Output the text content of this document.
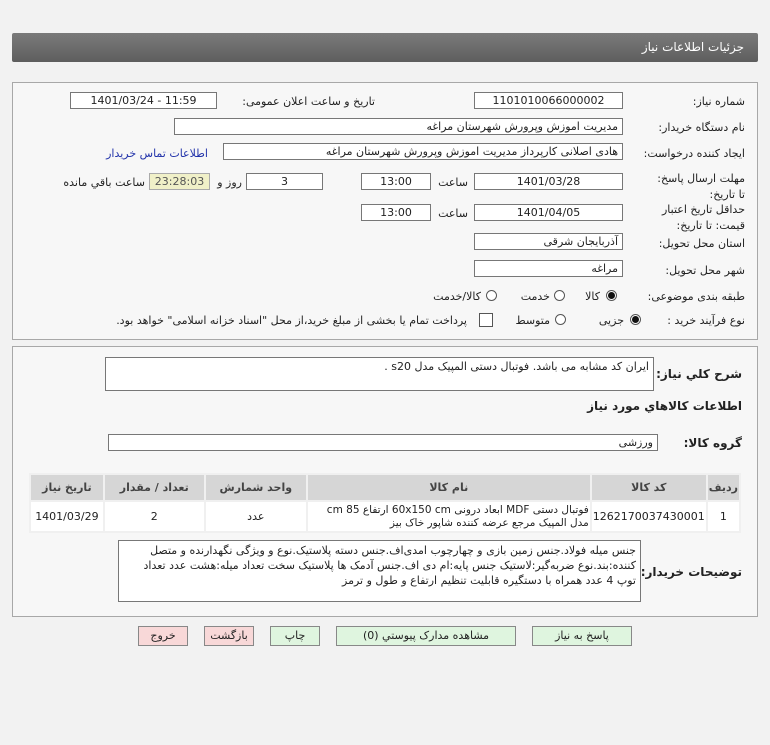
جزئیات اطلاعات نیاز
شماره نیاز:
1101010066000002
تاریخ و ساعت اعلان عمومی:
1401/03/24 - 11:59
نام دستگاه خریدار:
مدیریت اموزش وپرورش شهرستان مراغه
ایجاد کننده درخواست:
هادی اصلانی کارپرداز مدیریت اموزش وپرورش شهرستان مراغه
اطلاعات تماس خریدار
مهلت ارسال پاسخ: تا تاریخ:
1401/03/28
ساعت
13:00
3
روز و
23:28:03
ساعت باقي مانده
حداقل تاریخ اعتبار قیمت: تا تاریخ:
1401/04/05
ساعت
13:00
استان محل تحویل:
آذربایجان شرقی
شهر محل تحویل:
مراغه
طبقه بندی موضوعی:
کالا
خدمت
کالا/خدمت
نوع فرآیند خرید :
جزیی
متوسط
پرداخت تمام یا بخشی از مبلغ خرید،از محل "اسناد خزانه اسلامی" خواهد بود.
شرح کلي نياز:
ایران کد مشابه می باشد. فوتبال دستی المپیک مدل s20 .
اطلاعات کالاهاي مورد نياز
گروه کالا:
ورزشی
ردیف	کد کالا	نام کالا	واحد شمارش	تعداد / مقدار	تاریخ نیاز
1	1262170037430001	فوتبال دستی MDF ابعاد درونی 60x150 cm ارتفاع 85 cm مدل المپیک مرجع عرضه کننده شاپور خاک بیز	عدد	2	1401/03/29
توضیحات خریدار:
جنس میله فولاد.جنس زمین بازی و چهارچوب امدی‌اف.جنس دسته پلاستیک.نوع و ویژگی نگهدارنده و متصل کننده:بند.نوع ضربه‌گیر:لاستیک جنس پایه:ام دی اف.جنس آدمک ها پلاستیک سخت تعداد میله:هشت عدد تعداد توپ 4 عدد همراه با دستگیره قابلیت تنظیم ارتفاع و طول و ترمز
پاسخ به نیاز
مشاهده مدارک پیوستي (0)
چاپ
بازگشت
خروج
